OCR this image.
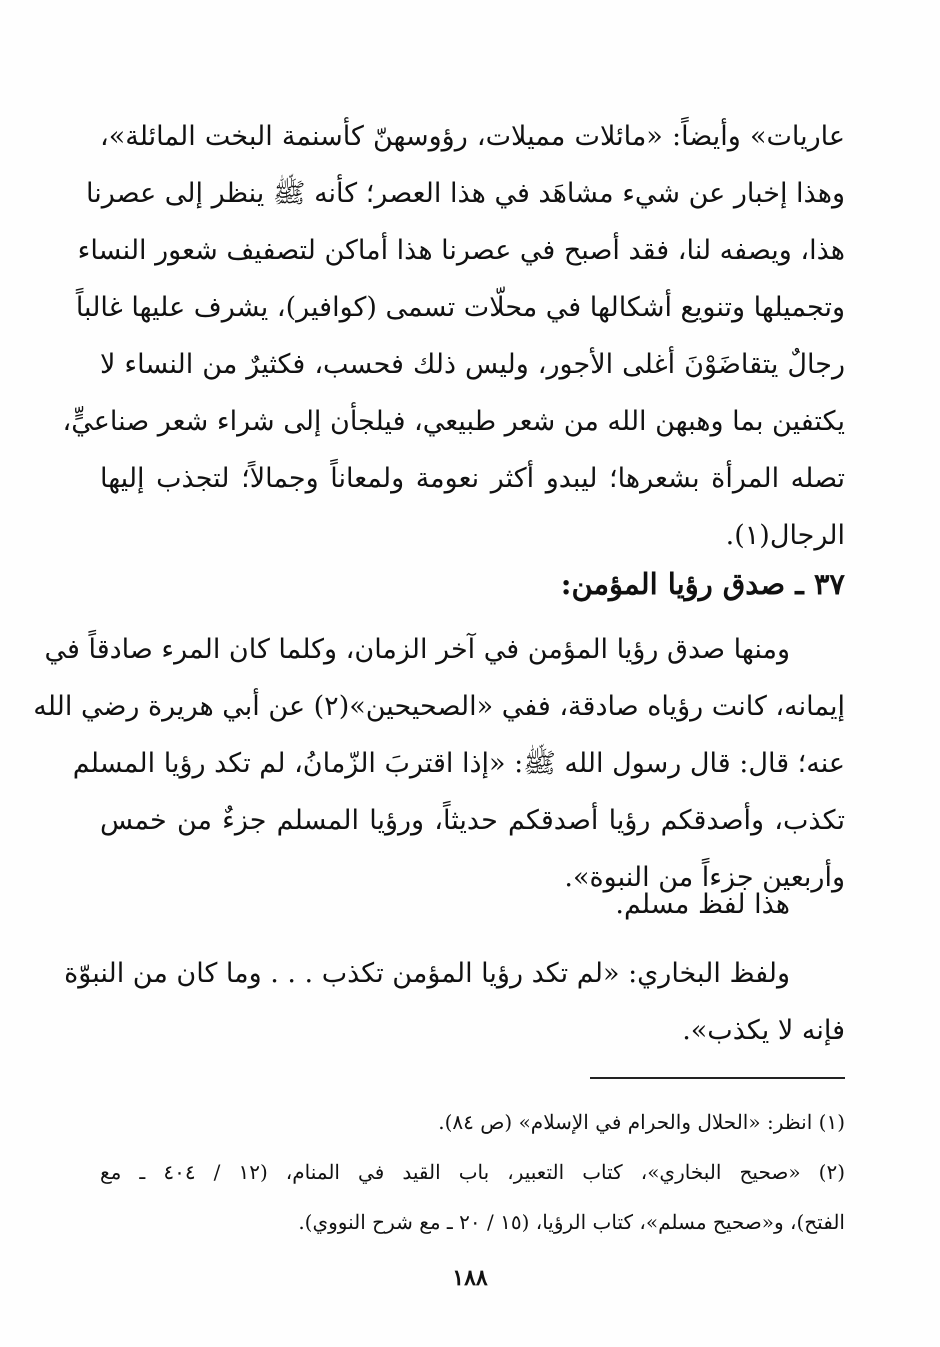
عاريات» وأيضاً: «مائلات مميلات، رؤوسهنّ كأسنمة البخت المائلة»،
وهذا إخبار عن شيء مشاهَد في هذا العصر؛ كأنه ﷺ ينظر إلى عصرنا
هذا، ويصفه لنا، فقد أصبح في عصرنا هذا أماكن لتصفيف شعور النساء
وتجميلها وتنويع أشكالها في محلّات تسمى (كوافير)، يشرف عليها غالباً
رجالٌ يتقاضَوْنَ أغلى الأجور، وليس ذلك فحسب، فكثيرٌ من النساء لا
يكتفين بما وهبهن الله من شعر طبيعي، فيلجأن إلى شراء شعر صناعيٍّ،
تصله المرأة بشعرها؛ ليبدو أكثر نعومة ولمعاناً وجمالاً؛ لتجذب إليها
الرجال(١).
٣٧ ـ صدق رؤيا المؤمن:
ومنها صدق رؤيا المؤمن في آخر الزمان، وكلما كان المرء صادقاً في
إيمانه، كانت رؤياه صادقة، ففي «الصحيحين»(٢) عن أبي هريرة رضي الله
عنه؛ قال: قال رسول الله ﷺ: «إذا اقتربَ الزّمانُ، لم تكد رؤيا المسلم
تكذب، وأصدقكم رؤيا أصدقكم حديثاً، ورؤيا المسلم جزءٌ من خمس
وأربعين جزءاً من النبوة».
هذا لفظ مسلم.
ولفظ البخاري: «لم تكد رؤيا المؤمن تكذب . . . وما كان من النبوّة
فإنه لا يكذب».
(١) انظر: «الحلال والحرام في الإسلام» (ص ٨٤).
(٢) «صحيح البخاري»، كتاب التعبير، باب القيد في المنام، (١٢ / ٤٠٤ ـ مع
الفتح)، و«صحيح مسلم»، كتاب الرؤيا، (١٥ / ٢٠ ـ مع شرح النووي).
١٨٨
